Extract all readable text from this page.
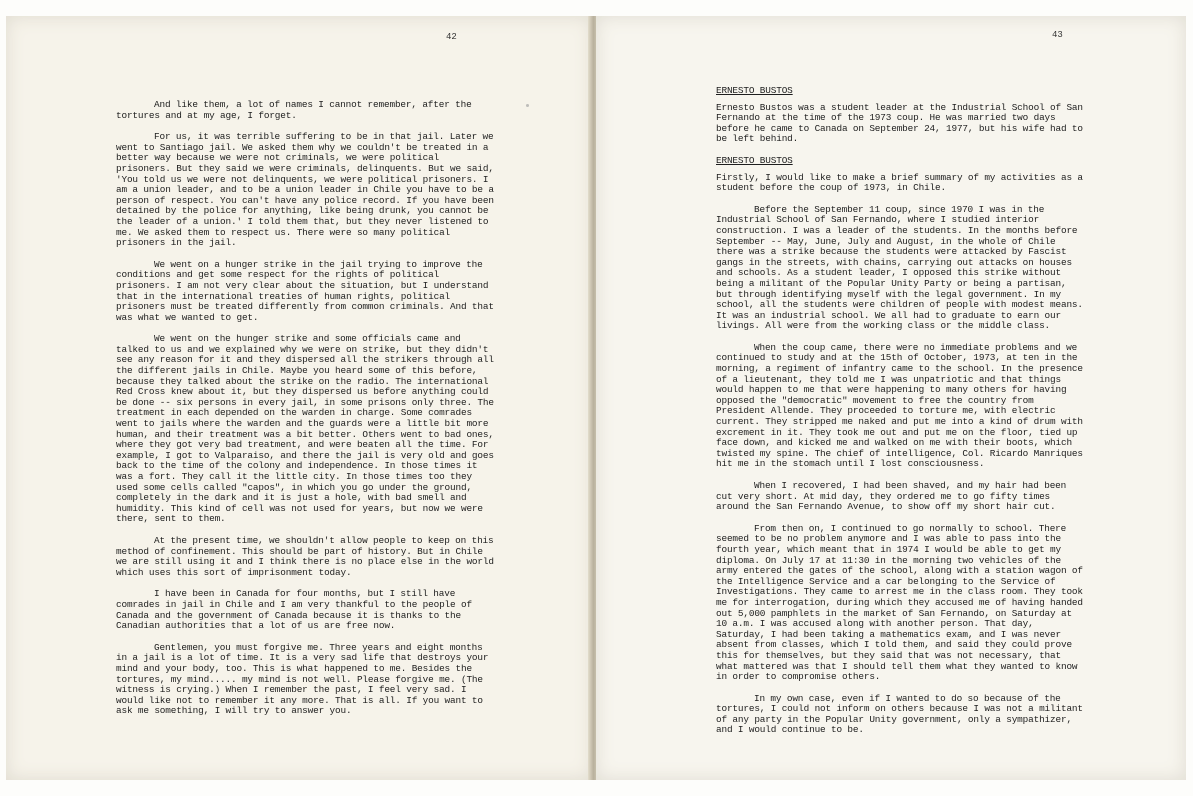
42

And like them, a lot of names I cannot remember, after the tortures and at my age, I forget.

For us, it was terrible suffering to be in that jail. Later we went to Santiago jail. We asked them why we couldn't be treated in a better way because we were not criminals, we were political prisoners. But they said we were criminals, delinquents. But we said, 'You told us we were not delinquents, we were political prisoners. I am a union leader, and to be a union leader in Chile you have to be a person of respect. You can't have any police record. If you have been detained by the police for anything, like being drunk, you cannot be the leader of a union.' I told them that, but they never listened to me. We asked them to respect us. There were so many political prisoners in the jail.

We went on a hunger strike in the jail trying to improve the conditions and get some respect for the rights of political prisoners. I am not very clear about the situation, but I understand that in the international treaties of human rights, political prisoners must be treated differently from common criminals. And that was what we wanted to get.

We went on the hunger strike and some officials came and talked to us and we explained why we were on strike, but they didn't see any reason for it and they dispersed all the strikers through all the different jails in Chile. Maybe you heard some of this before, because they talked about the strike on the radio. The international Red Cross knew about it, but they dispersed us before anything could be done -- six persons in every jail, in some prisons only three. The treatment in each depended on the warden in charge. Some comrades went to jails where the warden and the guards were a little bit more human, and their treatment was a bit better. Others went to bad ones, where they got very bad treatment, and were beaten all the time. For example, I got to Valparaiso, and there the jail is very old and goes back to the time of the colony and independence. In those times it was a fort. They call it the little city. In those times too they used some cells called "capos", in which you go under the ground, completely in the dark and it is just a hole, with bad smell and humidity. This kind of cell was not used for years, but now we were there, sent to them.

At the present time, we shouldn't allow people to keep on this method of confinement. This should be part of history. But in Chile we are still using it and I think there is no place else in the world which uses this sort of imprisonment today.

I have been in Canada for four months, but I still have comrades in jail in Chile and I am very thankful to the people of Canada and the government of Canada because it is thanks to the Canadian authorities that a lot of us are free now.

Gentlemen, you must forgive me. Three years and eight months in a jail is a lot of time. It is a very sad life that destroys your mind and your body, too. This is what happened to me. Besides the tortures, my mind..... my mind is not well. Please forgive me. (The witness is crying.) When I remember the past, I feel very sad. I would like not to remember it any more. That is all. If you want to ask me something, I will try to answer you.

43

ERNESTO BUSTOS

Ernesto Bustos was a student leader at the Industrial School of San Fernando at the time of the 1973 coup. He was married two days before he came to Canada on September 24, 1977, but his wife had to be left behind.

ERNESTO BUSTOS

Firstly, I would like to make a brief summary of my activities as a student before the coup of 1973, in Chile.

Before the September 11 coup, since 1970 I was in the Industrial School of San Fernando, where I studied interior construction. I was a leader of the students. In the months before September -- May, June, July and August, in the whole of Chile there was a strike because the students were attacked by Fascist gangs in the streets, with chains, carrying out attacks on houses and schools. As a student leader, I opposed this strike without being a militant of the Popular Unity Party or being a partisan, but through identifying myself with the legal government. In my school, all the students were children of people with modest means. It was an industrial school. We all had to graduate to earn our livings. All were from the working class or the middle class.

When the coup came, there were no immediate problems and we continued to study and at the 15th of October, 1973, at ten in the morning, a regiment of infantry came to the school. In the presence of a lieutenant, they told me I was unpatriotic and that things would happen to me that were happening to many others for having opposed the "democratic" movement to free the country from President Allende. They proceeded to torture me, with electric current. They stripped me naked and put me into a kind of drum with excrement in it. They took me out and put me on the floor, tied up face down, and kicked me and walked on me with their boots, which twisted my spine. The chief of intelligence, Col. Ricardo Manriques hit me in the stomach until I lost consciousness.

When I recovered, I had been shaved, and my hair had been cut very short. At mid day, they ordered me to go fifty times around the San Fernando Avenue, to show off my short hair cut.

From then on, I continued to go normally to school. There seemed to be no problem anymore and I was able to pass into the fourth year, which meant that in 1974 I would be able to get my diploma. On July 17 at 11:30 in the morning two vehicles of the army entered the gates of the school, along with a station wagon of the Intelligence Service and a car belonging to the Service of Investigations. They came to arrest me in the class room. They took me for interrogation, during which they accused me of having handed out 5,000 pamphlets in the market of San Fernando, on Saturday at 10 a.m. I was accused along with another person. That day, Saturday, I had been taking a mathematics exam, and I was never absent from classes, which I told them, and said they could prove this for themselves, but they said that was not necessary, that what mattered was that I should tell them what they wanted to know in order to compromise others.

In my own case, even if I wanted to do so because of the tortures, I could not inform on others because I was not a militant of any party in the Popular Unity government, only a sympathizer, and I would continue to be.
